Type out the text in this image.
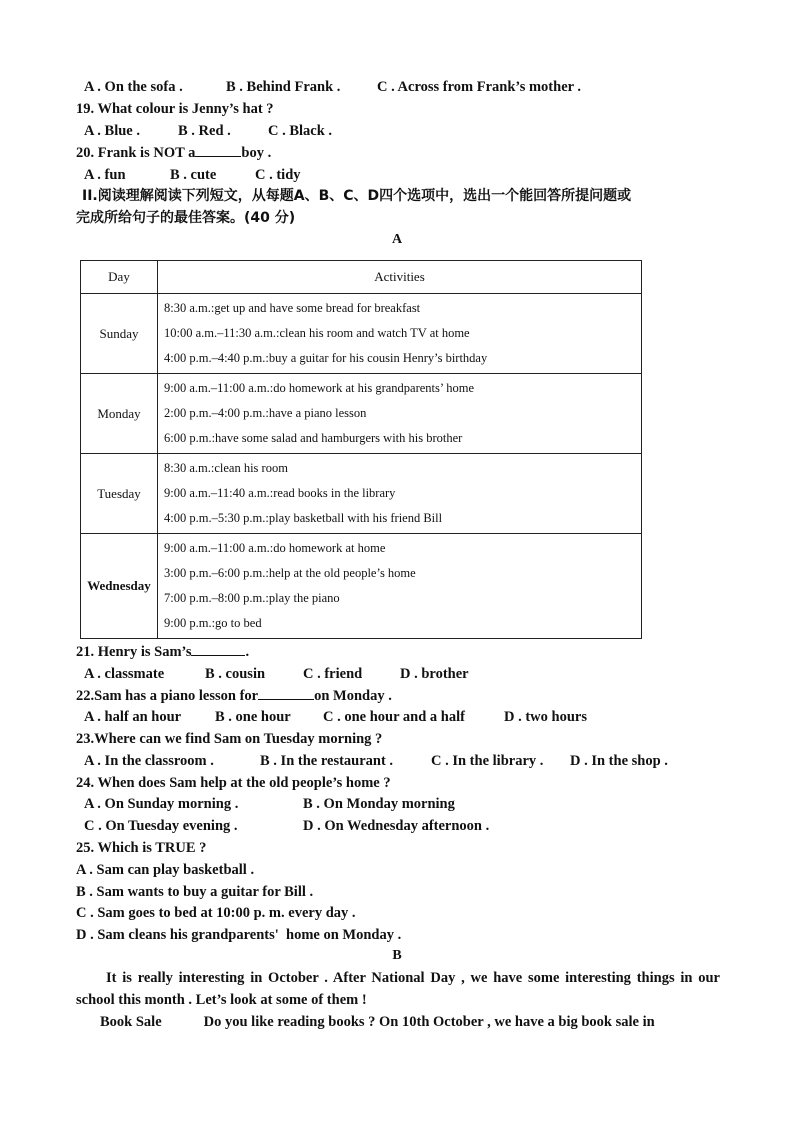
A . On the sofa .	B . Behind Frank .	C . Across from Frank’s mother .
19. What colour is Jenny’s hat ?
A . Blue .	B . Red .	C . Black .
20. Frank is NOT a	boy .
A . fun	B . cute	C . tidy
II.阅读理解阅读下列短文，从每题A、B、C、D四个选项中，选出一个能回答所提问题或
完成所给句子的最佳答案。(40 分)
A
Day	Activities
Sunday	8:30 a.m.:get up and have some bread for breakfast
10:00 a.m.–11:30 a.m.:clean his room and watch TV at home
4:00 p.m.–4:40 p.m.:buy a guitar for his cousin Henry’s birthday

Monday	9:00 a.m.–11:00 a.m.:do homework at his grandparents’ home
2:00 p.m.–4:00 p.m.:have a piano lesson
6:00 p.m.:have some salad and hamburgers with his brother

Tuesday	8:30 a.m.:clean his room
9:00 a.m.–11:40 a.m.:read books in the library
4:00 p.m.–5:30 p.m.:play basketball with his friend Bill

Wednesday	9:00 a.m.–11:00 a.m.:do homework at home
3:00 p.m.–6:00 p.m.:help at the old people’s home
7:00 p.m.–8:00 p.m.:play the piano
9:00 p.m.:go to bed
21. Henry is Sam’s	.
A . classmate	B . cousin	C . friend	D . brother
22.Sam has a piano lesson for	on Monday .
A . half an hour B . one hour C . one hour and a half	D . two hours
23.Where can we find Sam on Tuesday morning ?
A . In the classroom .	B . In the restaurant .	C . In the library . D . In the shop .
24. When does Sam help at the old people’s home ?
A . On Sunday morning .	B . On Monday morning
C . On Tuesday evening .	D . On Wednesday afternoon .
25. Which is TRUE ?
A . Sam can play basketball .
B . Sam wants to buy a guitar for Bill .
C . Sam goes to bed at 10:00 p. m. every day .
D . Sam cleans his grandparents'  home on Monday .
B
It is really interesting in October . After National Day , we have some interesting things in our school this month . Let’s look at some of them !
Book Sale	Do you like reading books ? On 10th October , we have a big book sale in
